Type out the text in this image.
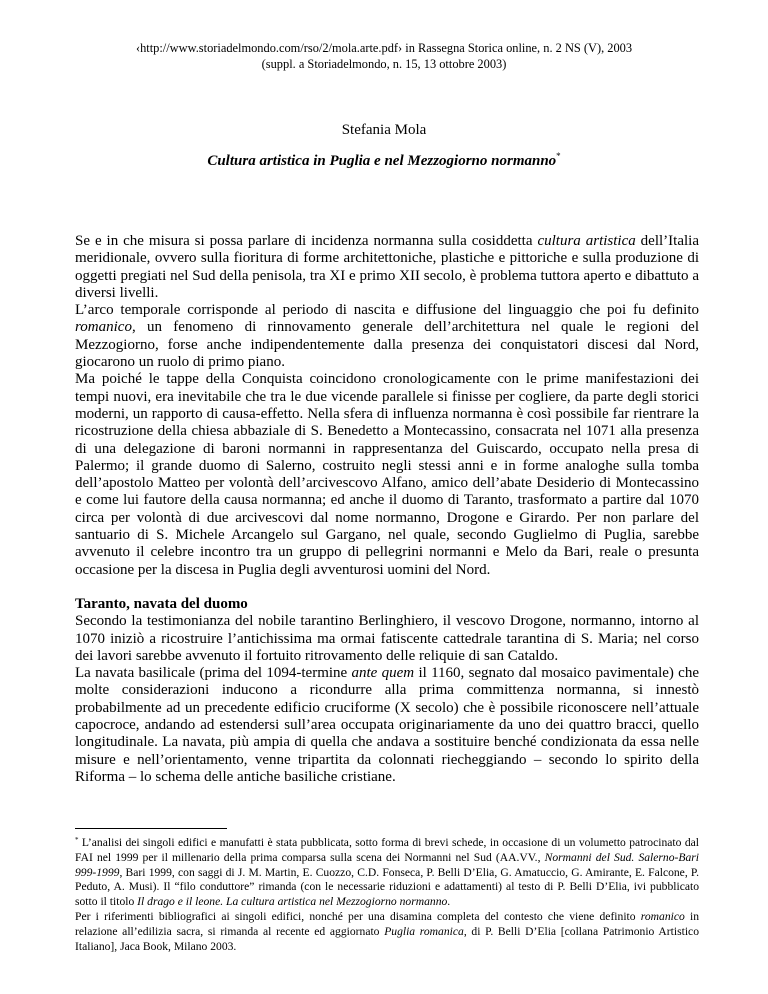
‹http://www.storiadelmondo.com/rso/2/mola.arte.pdf› in Rassegna Storica online, n. 2 NS (V), 2003
(suppl. a Storiadelmondo, n. 15, 13 ottobre 2003)
Stefania Mola
Cultura artistica in Puglia e nel Mezzogiorno normanno*

Se e in che misura si possa parlare di incidenza normanna sulla cosiddetta cultura artistica dell’Italia meridionale, ovvero sulla fioritura di forme architettoniche, plastiche e pittoriche e sulla produzione di oggetti pregiati nel Sud della penisola, tra XI e primo XII secolo, è problema tuttora aperto e dibattuto a diversi livelli.

L’arco temporale corrisponde al periodo di nascita e diffusione del linguaggio che poi fu definito romanico, un fenomeno di rinnovamento generale dell’architettura nel quale le regioni del Mezzogiorno, forse anche indipendentemente dalla presenza dei conquistatori discesi dal Nord, giocarono un ruolo di primo piano.

Ma poiché le tappe della Conquista coincidono cronologicamente con le prime manifestazioni dei tempi nuovi, era inevitabile che tra le due vicende parallele si finisse per cogliere, da parte degli storici moderni, un rapporto di causa-effetto. Nella sfera di influenza normanna è così possibile far rientrare la ricostruzione della chiesa abbaziale di S. Benedetto a Montecassino, consacrata nel 1071 alla presenza di una delegazione di baroni normanni in rappresentanza del Guiscardo, occupato nella presa di Palermo; il grande duomo di Salerno, costruito negli stessi anni e in forme analoghe sulla tomba dell’apostolo Matteo per volontà dell’arcivescovo Alfano, amico dell’abate Desiderio di Montecassino e come lui fautore della causa normanna; ed anche il duomo di Taranto, trasformato a partire dal 1070 circa per volontà di due arcivescovi dal nome normanno, Drogone e Girardo. Per non parlare del santuario di S. Michele Arcangelo sul Gargano, nel quale, secondo Guglielmo di Puglia, sarebbe avvenuto il celebre incontro tra un gruppo di pellegrini normanni e Melo da Bari, reale o presunta occasione per la discesa in Puglia degli avventurosi uomini del Nord.

Taranto, navata del duomo

Secondo la testimonianza del nobile tarantino Berlinghiero, il vescovo Drogone, normanno, intorno al 1070 iniziò a ricostruire l’antichissima ma ormai fatiscente cattedrale tarantina di S. Maria; nel corso dei lavori sarebbe avvenuto il fortuito ritrovamento delle reliquie di san Cataldo.

La navata basilicale (prima del 1094-termine ante quem il 1160, segnato dal mosaico pavimentale) che molte considerazioni inducono a ricondurre alla prima committenza normanna, si innestò probabilmente ad un precedente edificio cruciforme (X secolo) che è possibile riconoscere nell’attuale capocroce, andando ad estendersi sull’area occupata originariamente da uno dei quattro bracci, quello longitudinale. La navata, più ampia di quella che andava a sostituire benché condizionata da essa nelle misure e nell’orientamento, venne tripartita da colonnati riecheggiando – secondo lo spirito della Riforma – lo schema delle antiche basiliche cristiane.

* L’analisi dei singoli edifici e manufatti è stata pubblicata, sotto forma di brevi schede, in occasione di un volumetto patrocinato dal FAI nel 1999 per il millenario della prima comparsa sulla scena dei Normanni nel Sud (AA.VV., Normanni del Sud. Salerno-Bari 999-1999, Bari 1999, con saggi di J. M. Martin, E. Cuozzo, C.D. Fonseca, P. Belli D’Elia, G. Amatuccio, G. Amirante, E. Falcone, P. Peduto, A. Musi). Il “filo conduttore” rimanda (con le necessarie riduzioni e adattamenti) al testo di P. Belli D’Elia, ivi pubblicato sotto il titolo Il drago e il leone. La cultura artistica nel Mezzogiorno normanno.

Per i riferimenti bibliografici ai singoli edifici, nonché per una disamina completa del contesto che viene definito romanico in relazione all’edilizia sacra, si rimanda al recente ed aggiornato Puglia romanica, di P. Belli D’Elia [collana Patrimonio Artistico Italiano], Jaca Book, Milano 2003.
